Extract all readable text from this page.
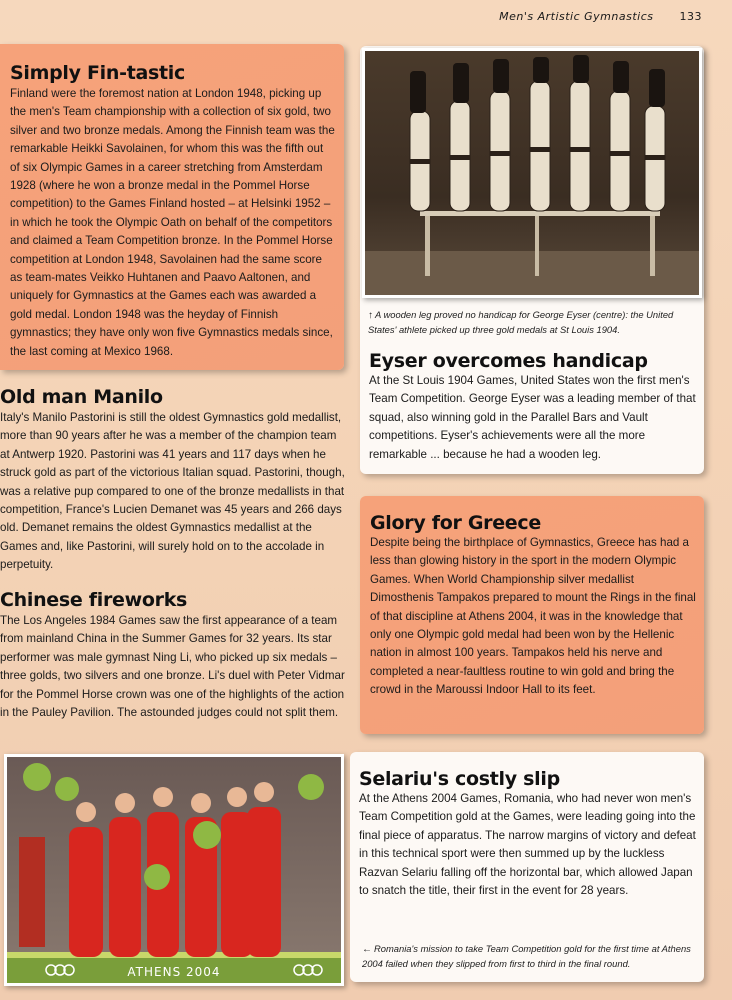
Men's Artistic Gymnastics 133
Simply Fin-tastic

Finland were the foremost nation at London 1948, picking up the men's Team championship with a collection of six gold, two silver and two bronze medals. Among the Finnish team was the remarkable Heikki Savolainen, for whom this was the fifth out of six Olympic Games in a career stretching from Amsterdam 1928 (where he won a bronze medal in the Pommel Horse competition) to the Games Finland hosted – at Helsinki 1952 – in which he took the Olympic Oath on behalf of the competitors and claimed a Team Competition bronze. In the Pommel Horse competition at London 1948, Savolainen had the same score as team-mates Veikko Huhtanen and Paavo Aaltonen, and uniquely for Gymnastics at the Games each was awarded a gold medal. London 1948 was the heyday of Finnish gymnastics; they have only won five Gymnastics medals since, the last coming at Mexico 1968.

Old man Manilo

Italy's Manilo Pastorini is still the oldest Gymnastics gold medallist, more than 90 years after he was a member of the champion team at Antwerp 1920. Pastorini was 41 years and 117 days when he struck gold as part of the victorious Italian squad. Pastorini, though, was a relative pup compared to one of the bronze medallists in that competition, France's Lucien Demanet was 45 years and 266 days old. Demanet remains the oldest Gymnastics medallist at the Games and, like Pastorini, will surely hold on to the accolade in perpetuity.

Chinese fireworks

The Los Angeles 1984 Games saw the first appearance of a team from mainland China in the Summer Games for 32 years. Its star performer was male gymnast Ning Li, who picked up six medals – three golds, two silvers and one bronze. Li's duel with Peter Vidmar for the Pommel Horse crown was one of the highlights of the action in the Pauley Pavilion. The astounded judges could not split them.

↑ A wooden leg proved no handicap for George Eyser (centre): the United States' athlete picked up three gold medals at St Louis 1904.
Eyser overcomes handicap

At the St Louis 1904 Games, United States won the first men's Team Competition. George Eyser was a leading member of that squad, also winning gold in the Parallel Bars and Vault competitions. Eyser's achievements were all the more remarkable ... because he had a wooden leg.

Glory for Greece

Despite being the birthplace of Gymnastics, Greece has had a less than glowing history in the sport in the modern Olympic Games. When World Championship silver medallist Dimosthenis Tampakos prepared to mount the Rings in the final of that discipline at Athens 2004, it was in the knowledge that only one Olympic gold medal had been won by the Hellenic nation in almost 100 years. Tampakos held his nerve and completed a near-faultless routine to win gold and bring the crowd in the Maroussi Indoor Hall to its feet.

ATHENS 2004
Selariu's costly slip

At the Athens 2004 Games, Romania, who had never won men's Team Competition gold at the Games, were leading going into the final piece of apparatus. The narrow margins of victory and defeat in this technical sport were then summed up by the luckless Razvan Selariu falling off the horizontal bar, which allowed Japan to snatch the title, their first in the event for 28 years.

← Romania's mission to take Team Competition gold for the first time at Athens 2004 failed when they slipped from first to third in the final round.
